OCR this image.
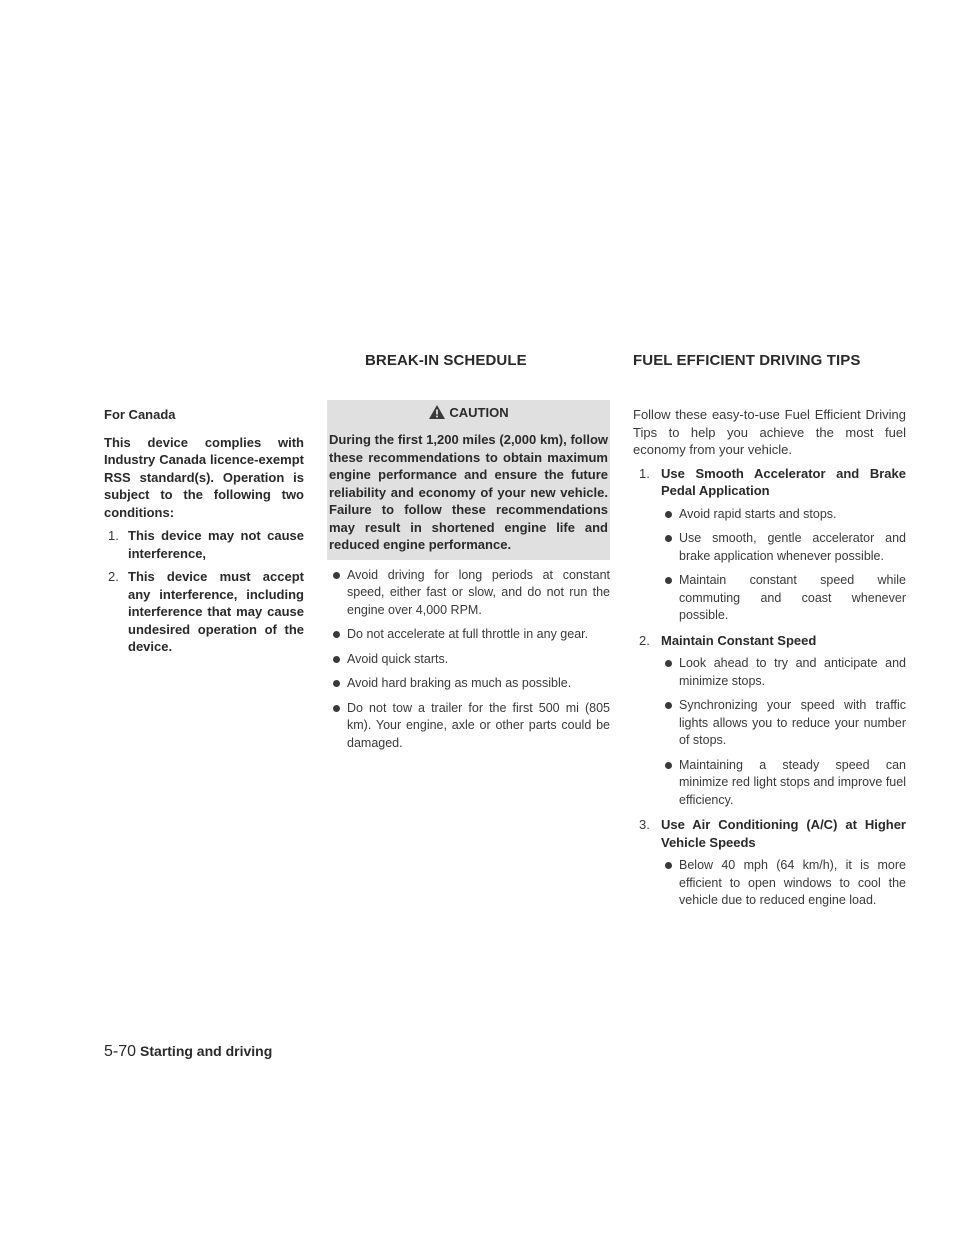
BREAK-IN SCHEDULE	FUEL EFFICIENT DRIVING TIPS

For Canada

This device complies with Industry Canada licence-exempt RSS standard(s). Operation is subject to the following two conditions:

1. This device may not cause interference,
2. This device must accept any interference, including interference that may cause undesired operation of the device.
CAUTION
During the first 1,200 miles (2,000 km), follow these recommendations to obtain maximum engine performance and ensure the future reliability and economy of your new vehicle. Failure to follow these recommendations may result in shortened engine life and reduced engine performance.
Avoid driving for long periods at constant speed, either fast or slow, and do not run the engine over 4,000 RPM.
Do not accelerate at full throttle in any gear.
Avoid quick starts.
Avoid hard braking as much as possible.
Do not tow a trailer for the first 500 mi (805 km). Your engine, axle or other parts could be damaged.

Follow these easy-to-use Fuel Efficient Driving Tips to help you achieve the most fuel economy from your vehicle.

1. Use Smooth Accelerator and Brake Pedal Application
Avoid rapid starts and stops.
Use smooth, gentle accelerator and brake application whenever possible.
Maintain constant speed while commuting and coast whenever possible.
2. Maintain Constant Speed
Look ahead to try and anticipate and minimize stops.
Synchronizing your speed with traffic lights allows you to reduce your number of stops.
Maintaining a steady speed can minimize red light stops and improve fuel efficiency.
3. Use Air Conditioning (A/C) at Higher Vehicle Speeds
Below 40 mph (64 km/h), it is more efficient to open windows to cool the vehicle due to reduced engine load.
5-70 Starting and driving
